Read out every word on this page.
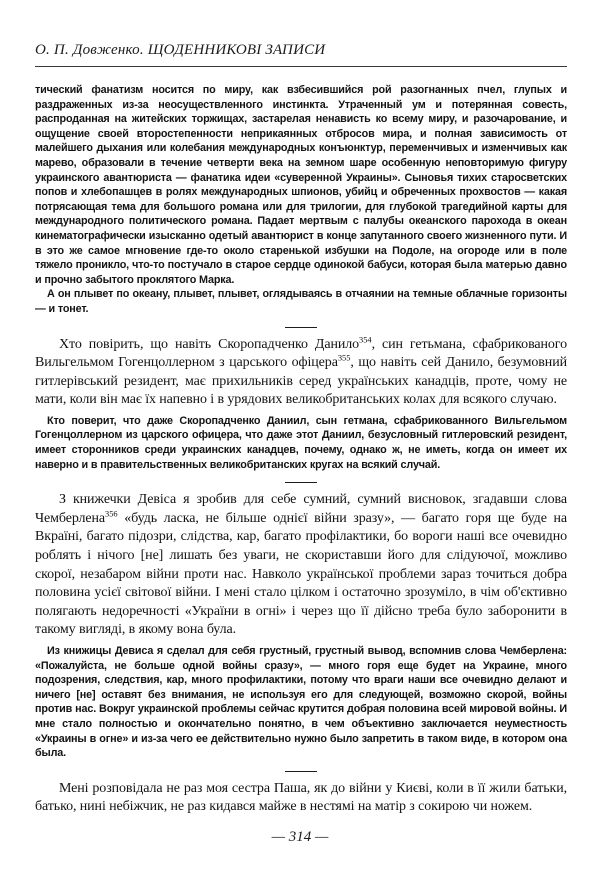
О. П. Довженко. ЩОДЕННИКОВІ ЗАПИСИ

тический фанатизм носится по миру, как взбесившийся рой разогнанных пчел, глупых и раздраженных из-за неосуществленного инстинкта. Утраченный ум и потерянная совесть, распроданная на житейских торжищах, застарелая ненависть ко всему миру, и разочарование, и ощущение своей второстепенности неприкаянных отбросов мира, и полная зависимость от малейшего дыхания или колебания международных конъюнктур, переменчивых и изменчивых как марево, образовали в течение четверти века на земном шаре особенную неповторимую фигуру украинского авантюриста — фанатика идеи «суверенной Украины». Сыновья тихих старосветских попов и хлебопашцев в ролях международных шпионов, убийц и обреченных прохвостов — какая потрясающая тема для большого романа или для трилогии, для глубокой трагедийной карты для международного политического романа. Падает мертвым с палубы океанского парохода в океан кинематографически изысканно одетый авантюрист в конце запутанного своего жизненного пути. И в это же самое мгновение где-то около старенькой избушки на Подоле, на огороде или в поле тяжело проникло, что-то постучало в старое сердце одинокой бабуси, которая была матерью давно и прочно забытого проклятого Марка.

А он плывет по океану, плывет, плывет, оглядываясь в отчаянии на темные облачные горизонты — и тонет.

Хто повірить, що навіть Скоропадченко Данило$^{354}$, син гетьмана, сфабрикованого Вильгельмом Гогенцоллерном з царського офіцера$^{355}$, що навіть сей Данило, безумовний гитлерівський резидент, має прихильників серед українських канадців, проте, чому не мати, коли він має їх напевно і в урядових великобританських колах для всякого случаю.

Кто поверит, что даже Скоропадченко Даниил, сын гетмана, сфабрикованного Вильгельмом Гогенцоллерном из царского офицера, что даже этот Даниил, безусловный гитлеровский резидент, имеет сторонников среди украинских канадцев, почему, однако ж, не иметь, когда он имеет их наверно и в правительственных великобританских кругах на всякий случай.

З книжечки Девіса я зробив для себе сумний, сумний висновок, згадавши слова Чемберлена$^{356}$ «будь ласка, не більше однієї війни зразу», — багато горя ще буде на Вкраїні, багато підозри, слідства, кар, багато профілактики, бо вороги наші все очевидно роблять і нічого [не] лишать без уваги, не скориставши його для слідуючої, можливо скорої, незабаром війни проти нас. Навколо української проблеми зараз точиться добра половина усієї світової війни. І мені стало цілком і остаточно зрозуміло, в чім об'єктивно полягають недоречності «України в огні» і через що її дійсно треба було заборонити в такому вигляді, в якому вона була.

Из книжицы Девиса я сделал для себя грустный, грустный вывод, вспомнив слова Чемберлена: «Пожалуйста, не больше одной войны сразу», — много горя еще будет на Украине, много подозрения, следствия, кар, много профилактики, потому что враги наши все очевидно делают и ничего [не] оставят без внимания, не используя его для следующей, возможно скорой, войны против нас. Вокруг украинской проблемы сейчас крутится добрая половина всей мировой войны. И мне стало полностью и окончательно понятно, в чем объективно заключается неуместность «Украины в огне» и из-за чего ее действительно нужно было запретить в таком виде, в котором она была.

Мені розповідала не раз моя сестра Паша, як до війни у Києві, коли в її жили батьки, батько, нині небіжчик, не раз кидався майже в нестямі на матір з сокирою чи ножем.

— 314 —
